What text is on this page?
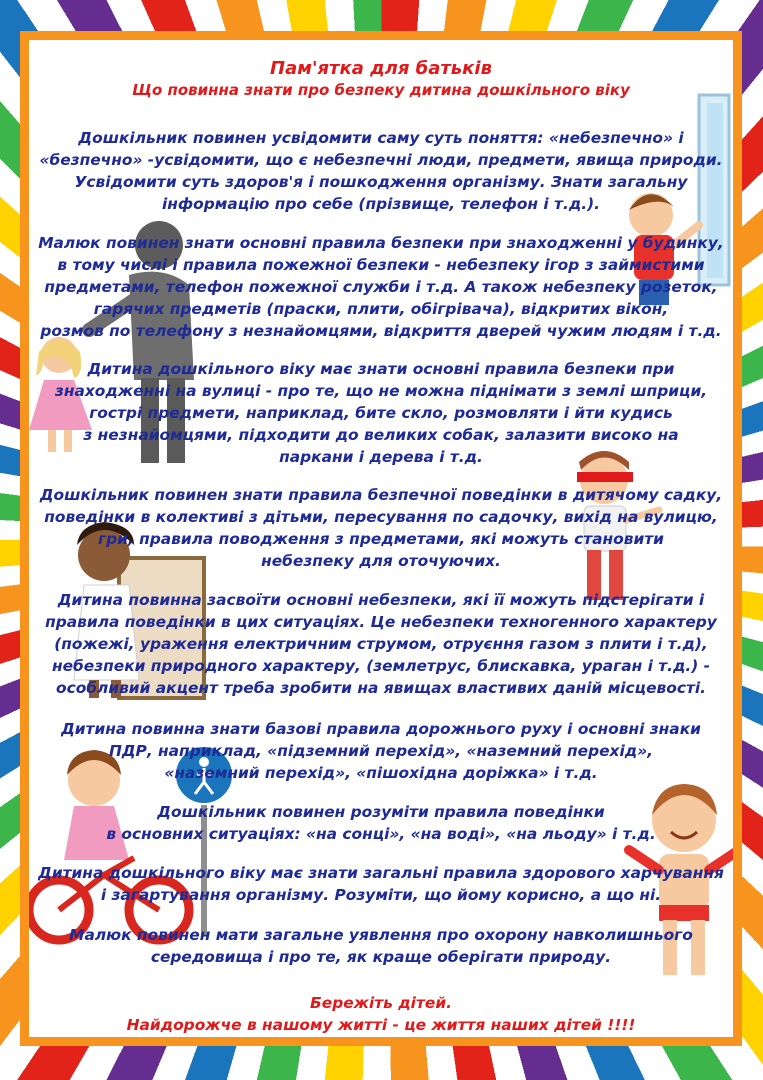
Пам'ятка для батьків
Що повинна знати про безпеку дитина дошкільного віку
Дошкільник повинен усвідомити саму суть поняття: «небезпечно» і
«безпечно» -усвідомити, що є небезпечні люди, предмети, явища природи.
Усвідомити суть здоров'я і пошкодження організму. Знати загальну
інформацію про себе (прізвище, телефон і т.д.).
Малюк повинен знати основні правила безпеки при знаходженні у будинку,
в тому числі і правила пожежної безпеки - небезпеку ігор з займистими
предметами, телефон пожежної служби і т.д. А також небезпеку розеток,
гарячих предметів (праски, плити, обігрівача), відкритих вікон,
розмов по телефону з незнайомцями, відкриття дверей чужим людям і т.д.
Дитина дошкільного віку має знати основні правила безпеки при
знаходженні на вулиці - про те, що не можна піднімати з землі шприци,
гострі предмети, наприклад, бите скло, розмовляти і йти кудись
з незнайомцями, підходити до великих собак, залазити високо на
паркани і дерева і т.д.
Дошкільник повинен знати правила безпечної поведінки в дитячому садку,
поведінки в колективі з дітьми, пересування по садочку, вихід на вулицю,
гри, правила поводження з предметами, які можуть становити
небезпеку для оточуючих.
Дитина повинна засвоїти основні небезпеки, які її можуть підстерігати і
правила поведінки в цих ситуаціях. Це небезпеки техногенного характеру
(пожежі, ураження електричним струмом, отруєння газом з плити і т.д),
небезпеки природного характеру, (землетрус, блискавка, ураган і т.д.) -
особливий акцент треба зробити на явищах властивих даній місцевості.
Дитина повинна знати базові правила дорожнього руху і основні знаки
ПДР, наприклад, «підземний перехід», «наземний перехід»,
«наземний перехід», «пішохідна доріжка» і т.д.
Дошкільник повинен розуміти правила поведінки
в основних ситуаціях: «на сонці», «на воді», «на льоду» і т.д.
Дитина дошкільного віку має знати загальні правила здорового харчування
і загартування організму. Розуміти, що йому корисно, а що ні.
Малюк повинен мати загальне уявлення про охорону навколишнього
середовища і про те, як краще оберігати природу.
Бережіть дітей.
Найдорожче в нашому житті - це життя наших дітей !!!!
